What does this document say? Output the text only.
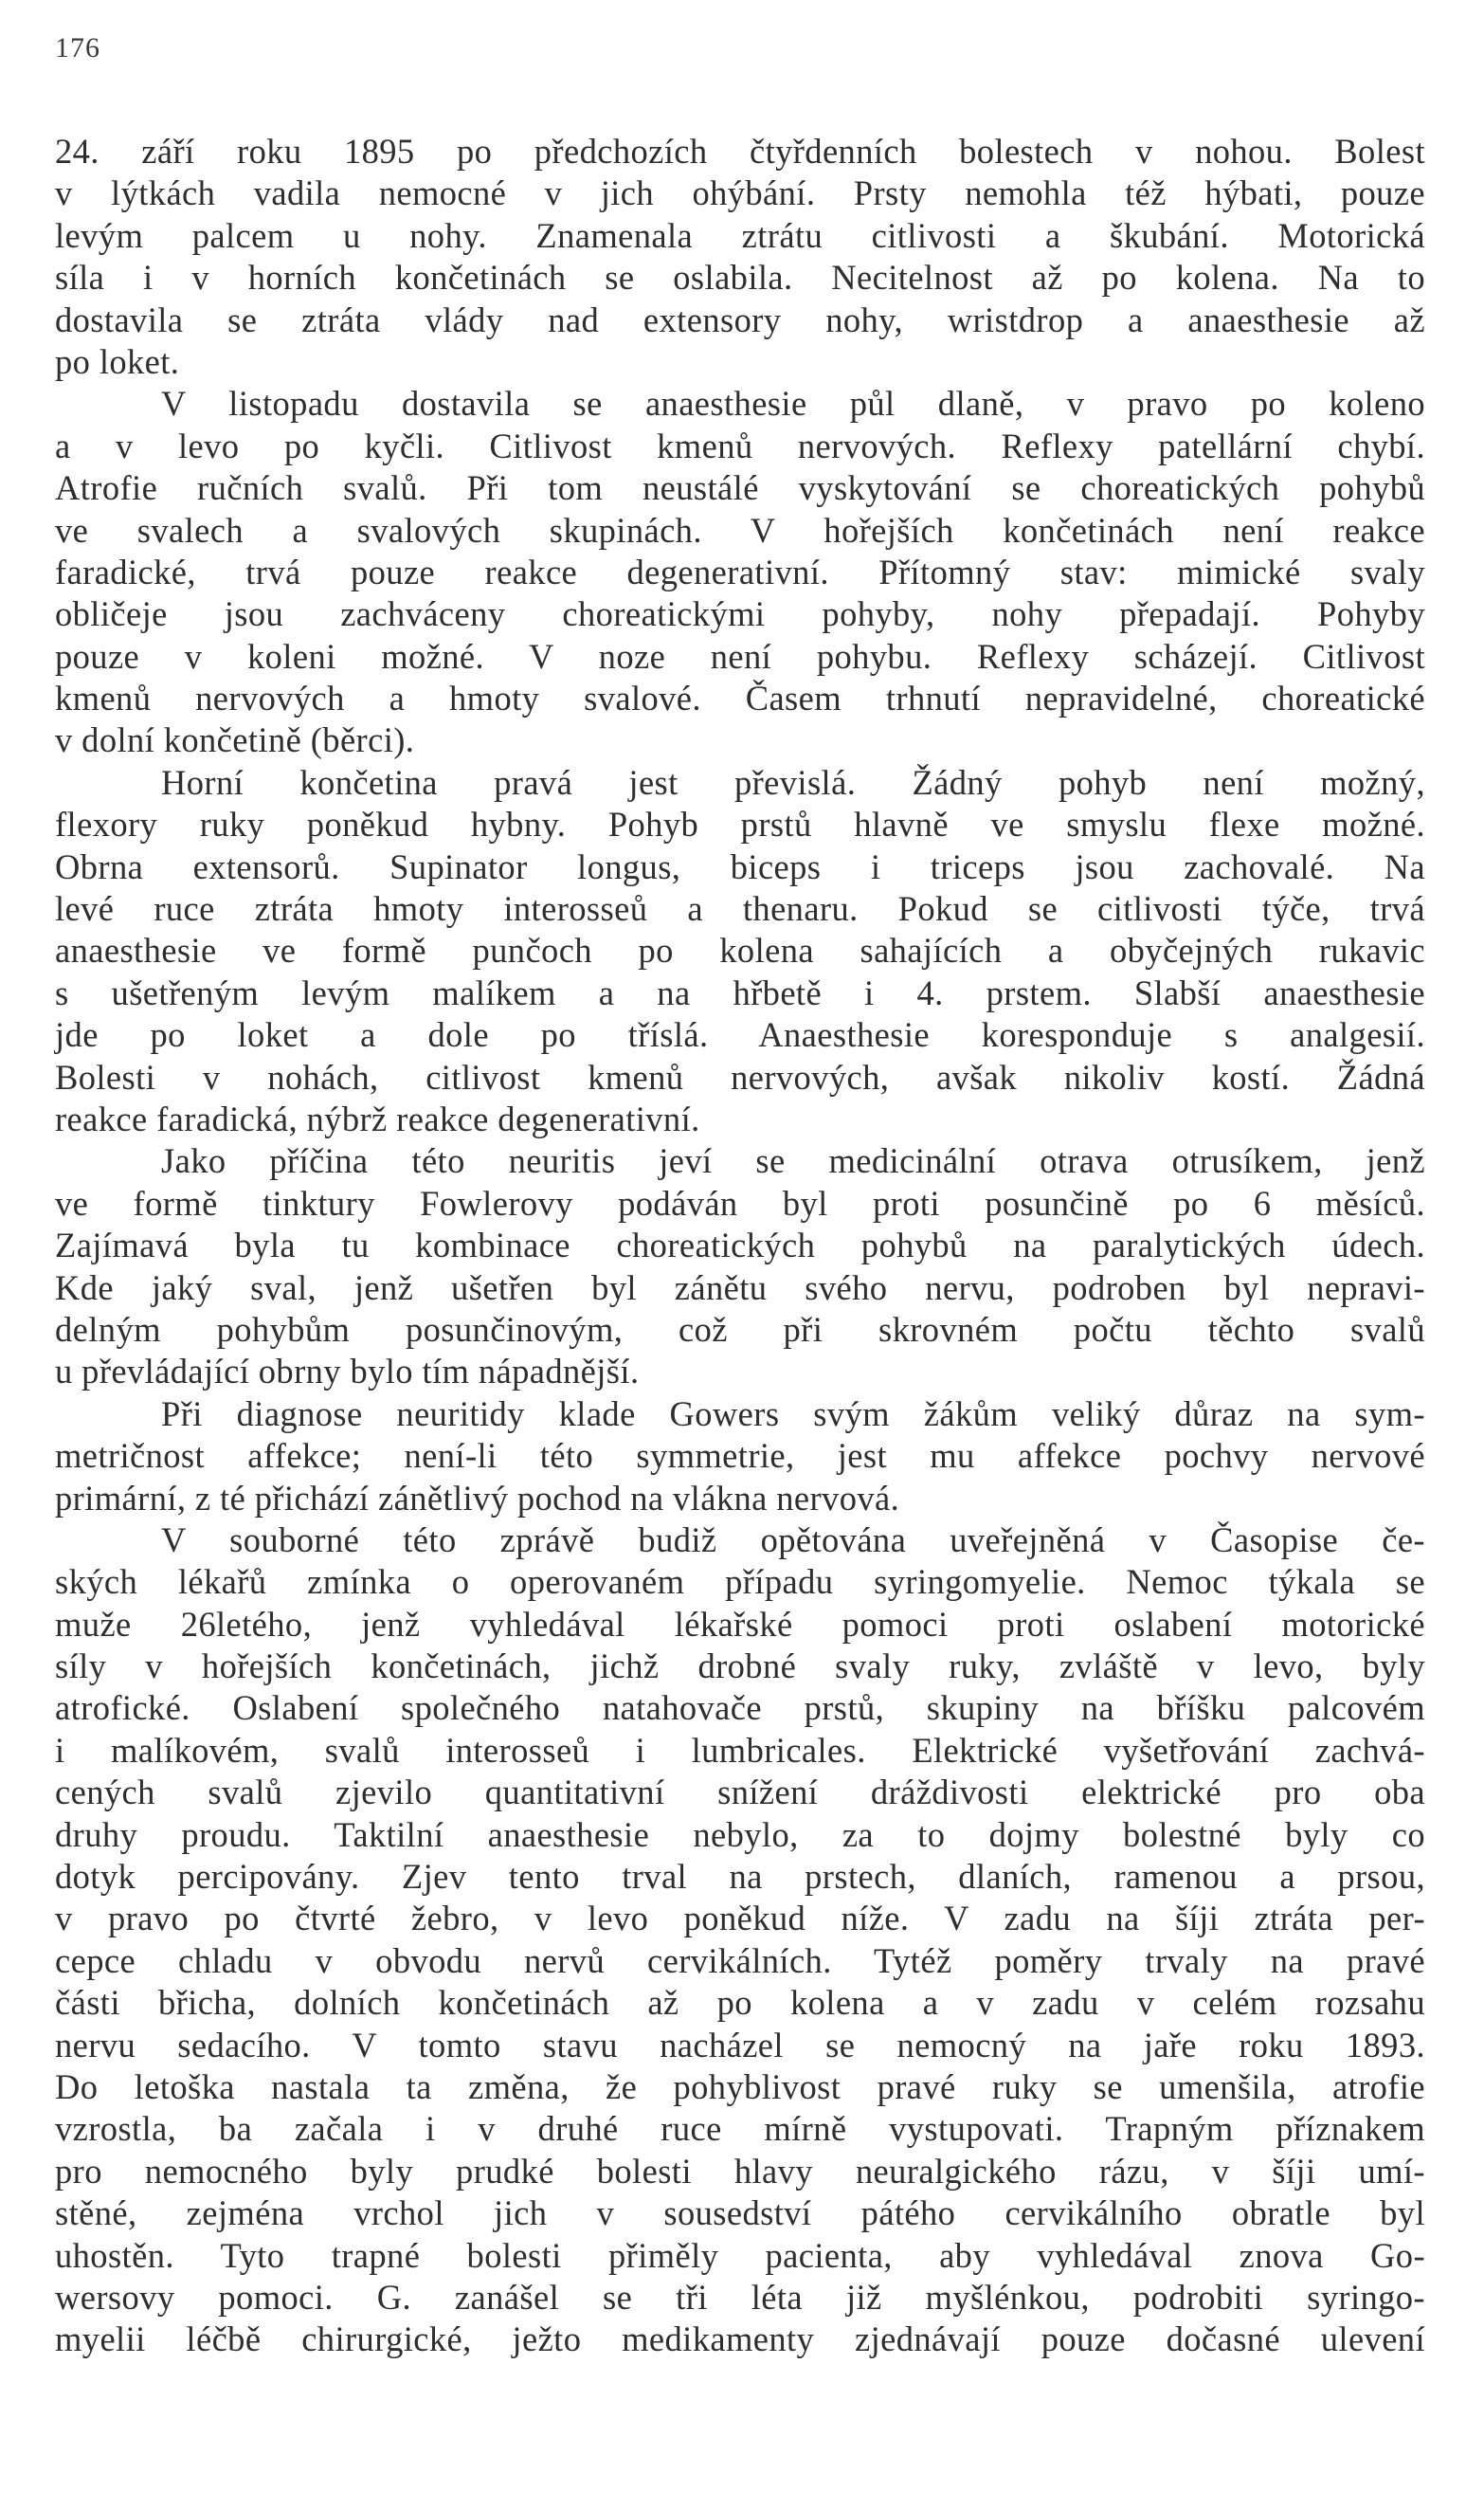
176
24. září roku 1895 po předchozích čtyřdenních bolestech v nohou. Bolest
v lýtkách vadila nemocné v jich ohýbání. Prsty nemohla též hýbati, pouze
levým palcem u nohy. Znamenala ztrátu citlivosti a škubání. Motorická
síla i v horních končetinách se oslabila. Necitelnost až po kolena. Na to
dostavila se ztráta vlády nad extensory nohy, wristdrop a anaesthesie až
po loket.
V listopadu dostavila se anaesthesie půl dlaně, v pravo po koleno
a v levo po kyčli. Citlivost kmenů nervových. Reflexy patellární chybí.
Atrofie ručních svalů. Při tom neustálé vyskytování se choreatických pohybů
ve svalech a svalových skupinách. V hořejších končetinách není reakce
faradické, trvá pouze reakce degenerativní. Přítomný stav: mimické svaly
obličeje jsou zachváceny choreatickými pohyby, nohy přepadají. Pohyby
pouze v koleni možné. V noze není pohybu. Reflexy scházejí. Citlivost
kmenů nervových a hmoty svalové. Časem trhnutí nepravidelné, choreatické
v dolní končetině (běrci).
Horní končetina pravá jest převislá. Žádný pohyb není možný,
flexory ruky poněkud hybny. Pohyb prstů hlavně ve smyslu flexe možné.
Obrna extensorů. Supinator longus, biceps i triceps jsou zachovalé. Na
levé ruce ztráta hmoty interosseů a thenaru. Pokud se citlivosti týče, trvá
anaesthesie ve formě punčoch po kolena sahajících a obyčejných rukavic
s ušetřeným levým malíkem a na hřbetě i 4. prstem. Slabší anaesthesie
jde po loket a dole po tříslá. Anaesthesie koresponduje s analgesií.
Bolesti v nohách, citlivost kmenů nervových, avšak nikoliv kostí. Žádná
reakce faradická, nýbrž reakce degenerativní.
Jako příčina této neuritis jeví se medicinální otrava otrusíkem, jenž
ve formě tinktury Fowlerovy podáván byl proti posunčině po 6 měsíců.
Zajímavá byla tu kombinace choreatických pohybů na paralytických údech.
Kde jaký sval, jenž ušetřen byl zánětu svého nervu, podroben byl nepravi-
delným pohybům posunčinovým, což při skrovném počtu těchto svalů
u převládající obrny bylo tím nápadnější.
Při diagnose neuritidy klade Gowers svým žákům veliký důraz na sym-
metričnost affekce; není-li této symmetrie, jest mu affekce pochvy nervové
primární, z té přichází zánětlivý pochod na vlákna nervová.
V souborné této zprávě budiž opětována uveřejněná v Časopise če-
ských lékařů zmínka o operovaném případu syringomyelie. Nemoc týkala se
muže 26letého, jenž vyhledával lékařské pomoci proti oslabení motorické
síly v hořejších končetinách, jichž drobné svaly ruky, zvláště v levo, byly
atrofické. Oslabení společného natahovače prstů, skupiny na bříšku palcovém
i malíkovém, svalů interosseů i lumbricales. Elektrické vyšetřování zachvá-
cených svalů zjevilo quantitativní snížení dráždivosti elektrické pro oba
druhy proudu. Taktilní anaesthesie nebylo, za to dojmy bolestné byly co
dotyk percipovány. Zjev tento trval na prstech, dlaních, ramenou a prsou,
v pravo po čtvrté žebro, v levo poněkud níže. V zadu na šíji ztráta per-
cepce chladu v obvodu nervů cervikálních. Tytéž poměry trvaly na pravé
části břicha, dolních končetinách až po kolena a v zadu v celém rozsahu
nervu sedacího. V tomto stavu nacházel se nemocný na jaře roku 1893.
Do letoška nastala ta změna, že pohyblivost pravé ruky se umenšila, atrofie
vzrostla, ba začala i v druhé ruce mírně vystupovati. Trapným příznakem
pro nemocného byly prudké bolesti hlavy neuralgického rázu, v šíji umí-
stěné, zejména vrchol jich v sousedství pátého cervikálního obratle byl
uhostěn. Tyto trapné bolesti přiměly pacienta, aby vyhledával znova Go-
wersovy pomoci. G. zanášel se tři léta již myšlénkou, podrobiti syringo-
myelii léčbě chirurgické, ježto medikamenty zjednávají pouze dočasné ulevení
